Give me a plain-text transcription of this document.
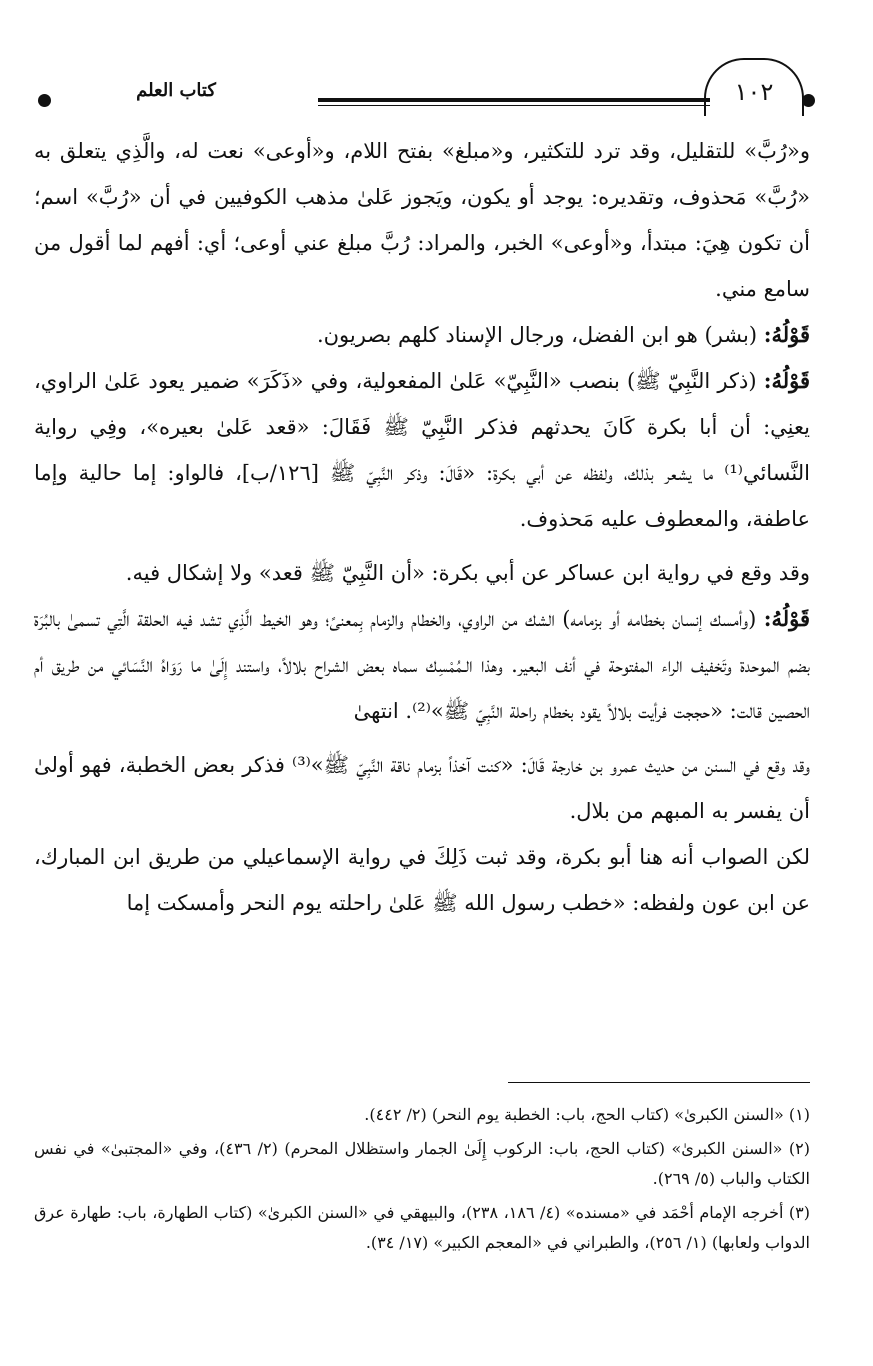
كتاب العلم	١٠٢

و«رُبَّ» للتقليل، وقد ترد للتكثير، و«مبلغ» بفتح اللام، و«أوعى» نعت له، والَّذِي يتعلق به «رُبَّ» مَحذوف، وتقديره: يوجد أو يكون، ويَجوز عَلىٰ مذهب الكوفيين في أن «رُبَّ» اسم؛ أن تكون هِيَ: مبتدأ، و«أوعى» الخبر، والمراد: رُبَّ مبلغ عني أوعى؛ أي: أفهم لما أقول من سامع مني.

قَوْلُهُ: (بشر) هو ابن الفضل، ورجال الإسناد كلهم بصريون.

قَوْلُهُ: (ذكر النَّبِيّ ﷺ) بنصب «النَّبِيّ» عَلىٰ المفعولية، وفي «ذَكَرَ» ضمير يعود عَلىٰ الراوي، يعنِي: أن أبا بكرة كَانَ يحدثهم فذكر النَّبِيّ ﷺ فَقَالَ: «قعد عَلىٰ بعيره»، وفِي رواية النَّسائي⁽¹⁾ ما يشعر بذلك، ولفظه عن أبي بكرة: «قَالَ: وذكر النَّبِيّ ﷺ [١٢٦/ب]، فالواو: إما حالية وإما عاطفة، والمعطوف عليه مَحذوف.

وقد وقع في رواية ابن عساكر عن أبي بكرة: «أن النَّبِيّ ﷺ قعد» ولا إشكال فيه.

قَوْلُهُ: (وأمسك إنسان بخطامه أو بزمامه) الشك من الراوي، والخطام والزمام بِمعنىً؛ وهو الخيط الَّذِي تشد فيه الحلقة الَّتِي تسمىٰ بالبُرَة بضم الموحدة وتَخفيف الراء المفتوحة في أنف البعير. وهذا الـمُمْسِك سماه بعض الشراح بلالاً، واستند إِلَىٰ ما رَوَاهُ النَّسَائي من طريق أم الحصين قالت: «حججت فرأيت بلالاً يقود بخطام راحلة النَّبِيّ ﷺ»⁽²⁾. انتهىٰ

وقد وقع في السنن من حديث عمرو بن خارجة قَالَ: «كنت آخذاً بزمام ناقة النَّبِيّ ﷺ»⁽³⁾ فذكر بعض الخطبة، فهو أولىٰ أن يفسر به المبهم من بلال.

لكن الصواب أنه هنا أبو بكرة، وقد ثبت ذَلِكَ في رواية الإسماعيلي من طريق ابن المبارك، عن ابن عون ولفظه: «خطب رسول الله ﷺ عَلىٰ راحلته يوم النحر وأمسكت إما

(١) «السنن الكبرىٰ» (كتاب الحج، باب: الخطبة يوم النحر) (٢/ ٤٤٢).

(٢) «السنن الكبرىٰ» (كتاب الحج، باب: الركوب إِلَىٰ الجمار واستظلال المحرم) (٢/ ٤٣٦)، وفي «المجتبىٰ» في نفس الكتاب والباب (٥/ ٢٦٩).

(٣) أخرجه الإمام أحْمَد في «مسنده» (٤/ ١٨٦، ٢٣٨)، والبيهقي في «السنن الكبرىٰ» (كتاب الطهارة، باب: طهارة عرق الدواب ولعابها) (١/ ٢٥٦)، والطبراني في «المعجم الكبير» (١٧/ ٣٤).
